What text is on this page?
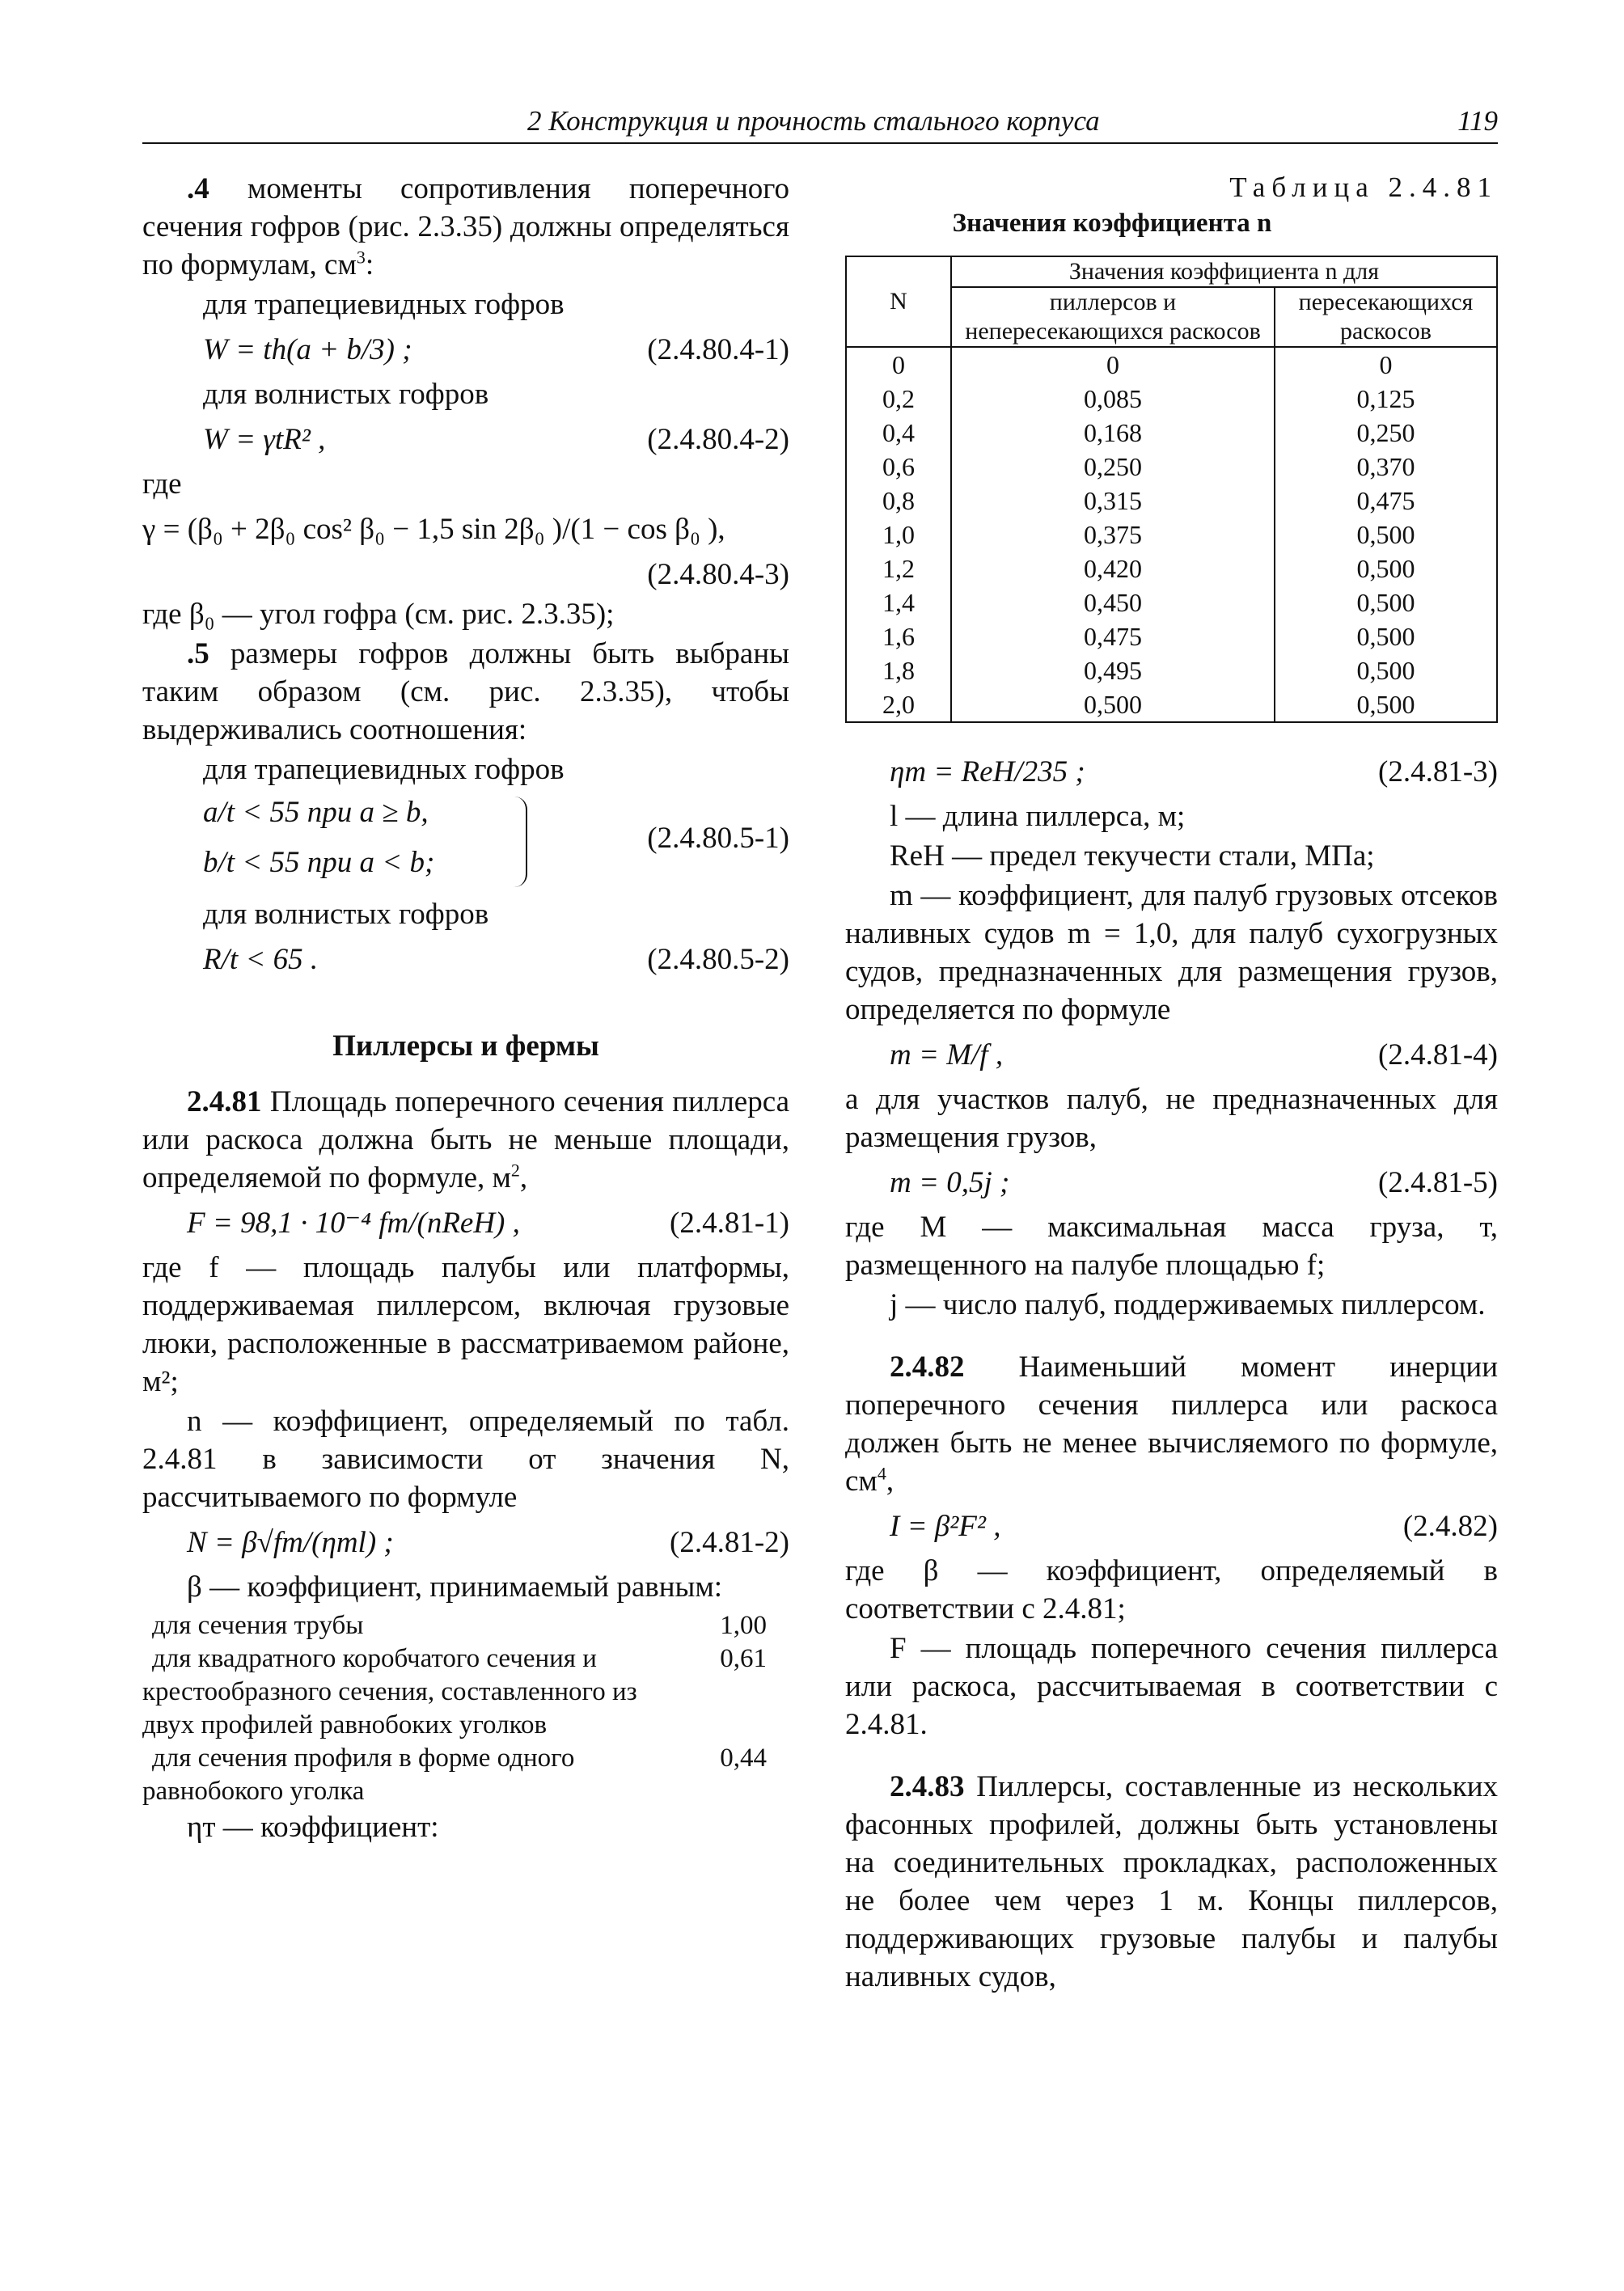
2 Конструкция и прочность стального корпуса	119

.4 моменты сопротивления поперечного сечения гофров (рис. 2.3.35) должны определяться по формулам, $см^3$:

для трапециевидных гофров

W = th(a + b/3) ;	(2.4.80.4-1)

для волнистых гофров

W = γtR² ,	(2.4.80.4-2)

где

γ = (β₀ + 2β₀ cos² β₀ − 1,5 sin 2β₀ )/(1 − cos β₀ ),
(2.4.80.4-3)

где β₀ — угол гофра (см. рис. 2.3.35);

.5 размеры гофров должны быть выбраны таким образом (см. рис. 2.3.35), чтобы выдерживались соотношения:

для трапециевидных гофров

a/t < 55 при a ≥ b,
b/t < 55 при a < b;
(2.4.80.5-1)

для волнистых гофров

R/t < 65 .	(2.4.80.5-2)
Пиллерсы и фермы

2.4.81 Площадь поперечного сечения пиллерса или раскоса должна быть не меньше площади, определяемой по формуле, $м^2$,

F = 98,1 · 10⁻⁴ fm/(nReH) ,	(2.4.81-1)

где f — площадь палубы или платформы, поддерживаемая пиллерсом, включая грузовые люки, расположенные в рассматриваемом районе, м²;

n — коэффициент, определяемый по табл. 2.4.81 в зависимости от значения N, рассчитываемого по формуле

N = β√fm/(ηтl) ;	(2.4.81-2)

β — коэффициент, принимаемый равным:

для сечения трубы	1,00
для квадратного коробчатого сечения и крестообразного сечения, составленного из двух профилей равнобоких уголков
0,61
для сечения профиля в форме одного равнобокого уголка
0,44

ηт — коэффициент:

Таблица 2.4.81
Значения коэффициента n
N	Значения коэффициента n для	
	пиллерсов и непересекающихся раскосов	пересекающихся раскосов
0	0	0
0,2	0,085	0,125
0,4	0,168	0,250
0,6	0,250	0,370
0,8	0,315	0,475
1,0	0,375	0,500
1,2	0,420	0,500
1,4	0,450	0,500
1,6	0,475	0,500
1,8	0,495	0,500
2,0	0,500	0,500
ηm = ReH/235 ;	(2.4.81-3)

l — длина пиллерса, м;

ReH — предел текучести стали, МПа;

m — коэффициент, для палуб грузовых отсеков наливных судов m = 1,0, для палуб сухогрузных судов, предназначенных для размещения грузов, определяется по формуле

m = M/f ,	(2.4.81-4)

а для участков палуб, не предназначенных для размещения грузов,

m = 0,5j ;	(2.4.81-5)

где M — максимальная масса груза, т, размещенного на палубе площадью f;

j — число палуб, поддерживаемых пиллерсом.

2.4.82 Наименьший момент инерции поперечного сечения пиллерса или раскоса должен быть не менее вычисляемого по формуле, $см^4$,

I = β²F² ,	(2.4.82)

где β — коэффициент, определяемый в соответствии с 2.4.81;

F — площадь поперечного сечения пиллерса или раскоса, рассчитываемая в соответствии с 2.4.81.

2.4.83 Пиллерсы, составленные из нескольких фасонных профилей, должны быть установлены на соединительных прокладках, расположенных не более чем через 1 м. Концы пиллерсов, поддерживающих грузовые палубы и палубы наливных судов,
